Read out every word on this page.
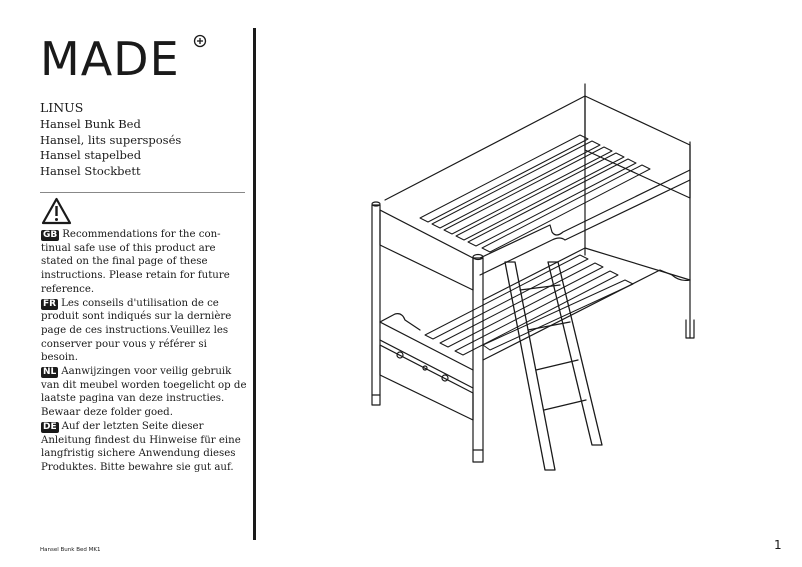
MADE
LINUS
Hansel Bunk Bed
Hansel, lits supersposés
Hansel stapelbed
Hansel Stockbett

GB Recommendations for the con-tinual safe use of this product are stated on the final page of these instructions. Please retain for future reference.

FR Les conseils d'utilisation de ce produit sont indiqués sur la dernière page de ces instructions.Veuillez les conserver pour vous y référer si besoin.

NL Aanwijzingen voor veilig gebruik van dit meubel worden toegelicht op de laatste pagina van deze instructies. Bewaar deze folder goed.

DE Auf der letzten Seite dieser Anleitung findest du Hinweise für eine langfristig sichere Anwendung dieses Produktes. Bitte bewahre sie gut auf.

Hansel Bunk Bed MK1	1
